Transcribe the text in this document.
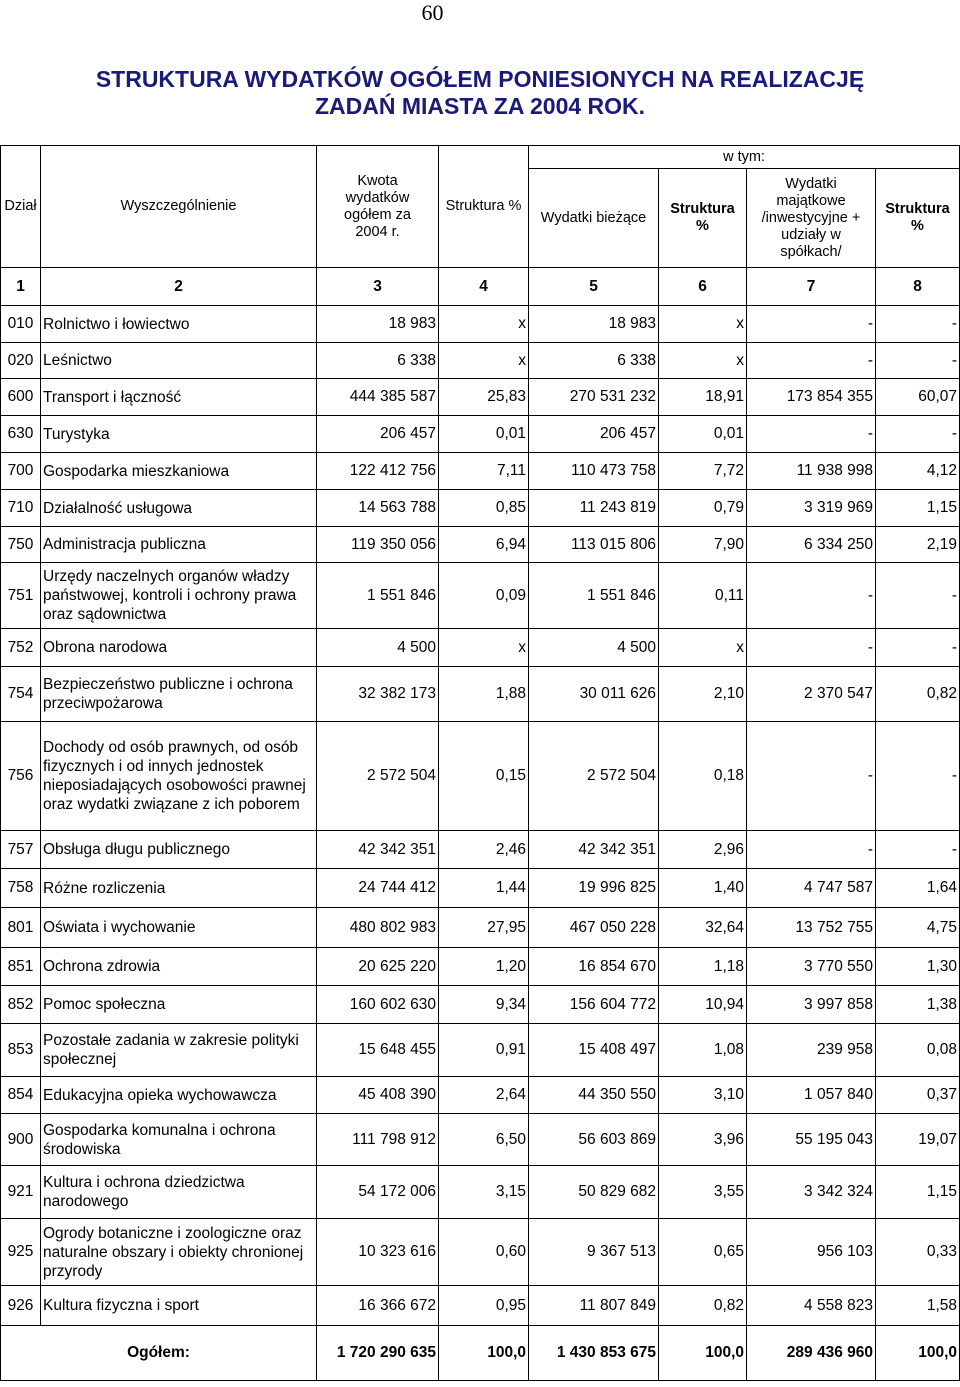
60
STRUKTURA WYDATKÓW OGÓŁEM PONIESIONYCH NA REALIZACJĘ
ZADAŃ MIASTA ZA 2004 ROK.
Dział	Wyszczególnienie	Kwota wydatków ogółem za 2004 r.	Struktura %	w tym:			
				Wydatki bieżące	Struktura %	Wydatki majątkowe /inwestycyjne + udziały w spółkach/	Struktura %

1	2	3	4	5	6	7	8
010	Rolnictwo i łowiectwo	18 983	x	18 983	x	-	-
020	Leśnictwo	6 338	x	6 338	x	-	-
600	Transport i łączność	444 385 587	25,83	270 531 232	18,91	173 854 355	60,07
630	Turystyka	206 457	0,01	206 457	0,01	-	-
700	Gospodarka mieszkaniowa	122 412 756	7,11	110 473 758	7,72	11 938 998	4,12
710	Działalność usługowa	14 563 788	0,85	11 243 819	0,79	3 319 969	1,15
750	Administracja publiczna	119 350 056	6,94	113 015 806	7,90	6 334 250	2,19
751	Urzędy naczelnych organów władzy państwowej, kontroli i ochrony prawa oraz sądownictwa	1 551 846	0,09	1 551 846	0,11	-	-
752	Obrona narodowa	4 500	x	4 500	x	-	-
754	Bezpieczeństwo publiczne i ochrona przeciwpożarowa	32 382 173	1,88	30 011 626	2,10	2 370 547	0,82
756	Dochody od osób prawnych, od osób fizycznych i od innych jednostek nieposiadających osobowości prawnej oraz wydatki związane z ich poborem	2 572 504	0,15	2 572 504	0,18	-	-
757	Obsługa długu publicznego	42 342 351	2,46	42 342 351	2,96	-	-
758	Różne rozliczenia	24 744 412	1,44	19 996 825	1,40	4 747 587	1,64
801	Oświata i wychowanie	480 802 983	27,95	467 050 228	32,64	13 752 755	4,75
851	Ochrona zdrowia	20 625 220	1,20	16 854 670	1,18	3 770 550	1,30
852	Pomoc społeczna	160 602 630	9,34	156 604 772	10,94	3 997 858	1,38
853	Pozostałe zadania w zakresie polityki społecznej	15 648 455	0,91	15 408 497	1,08	239 958	0,08
854	Edukacyjna opieka wychowawcza	45 408 390	2,64	44 350 550	3,10	1 057 840	0,37
900	Gospodarka komunalna i ochrona środowiska	111 798 912	6,50	56 603 869	3,96	55 195 043	19,07
921	Kultura i ochrona dziedzictwa narodowego	54 172 006	3,15	50 829 682	3,55	3 342 324	1,15
925	Ogrody botaniczne i zoologiczne oraz naturalne obszary i obiekty chronionej przyrody	10 323 616	0,60	9 367 513	0,65	956 103	0,33
926	Kultura fizyczna i sport	16 366 672	0,95	11 807 849	0,82	4 558 823	1,58
Ogółem:		1 720 290 635	100,0	1 430 853 675	100,0	289 436 960	100,0
